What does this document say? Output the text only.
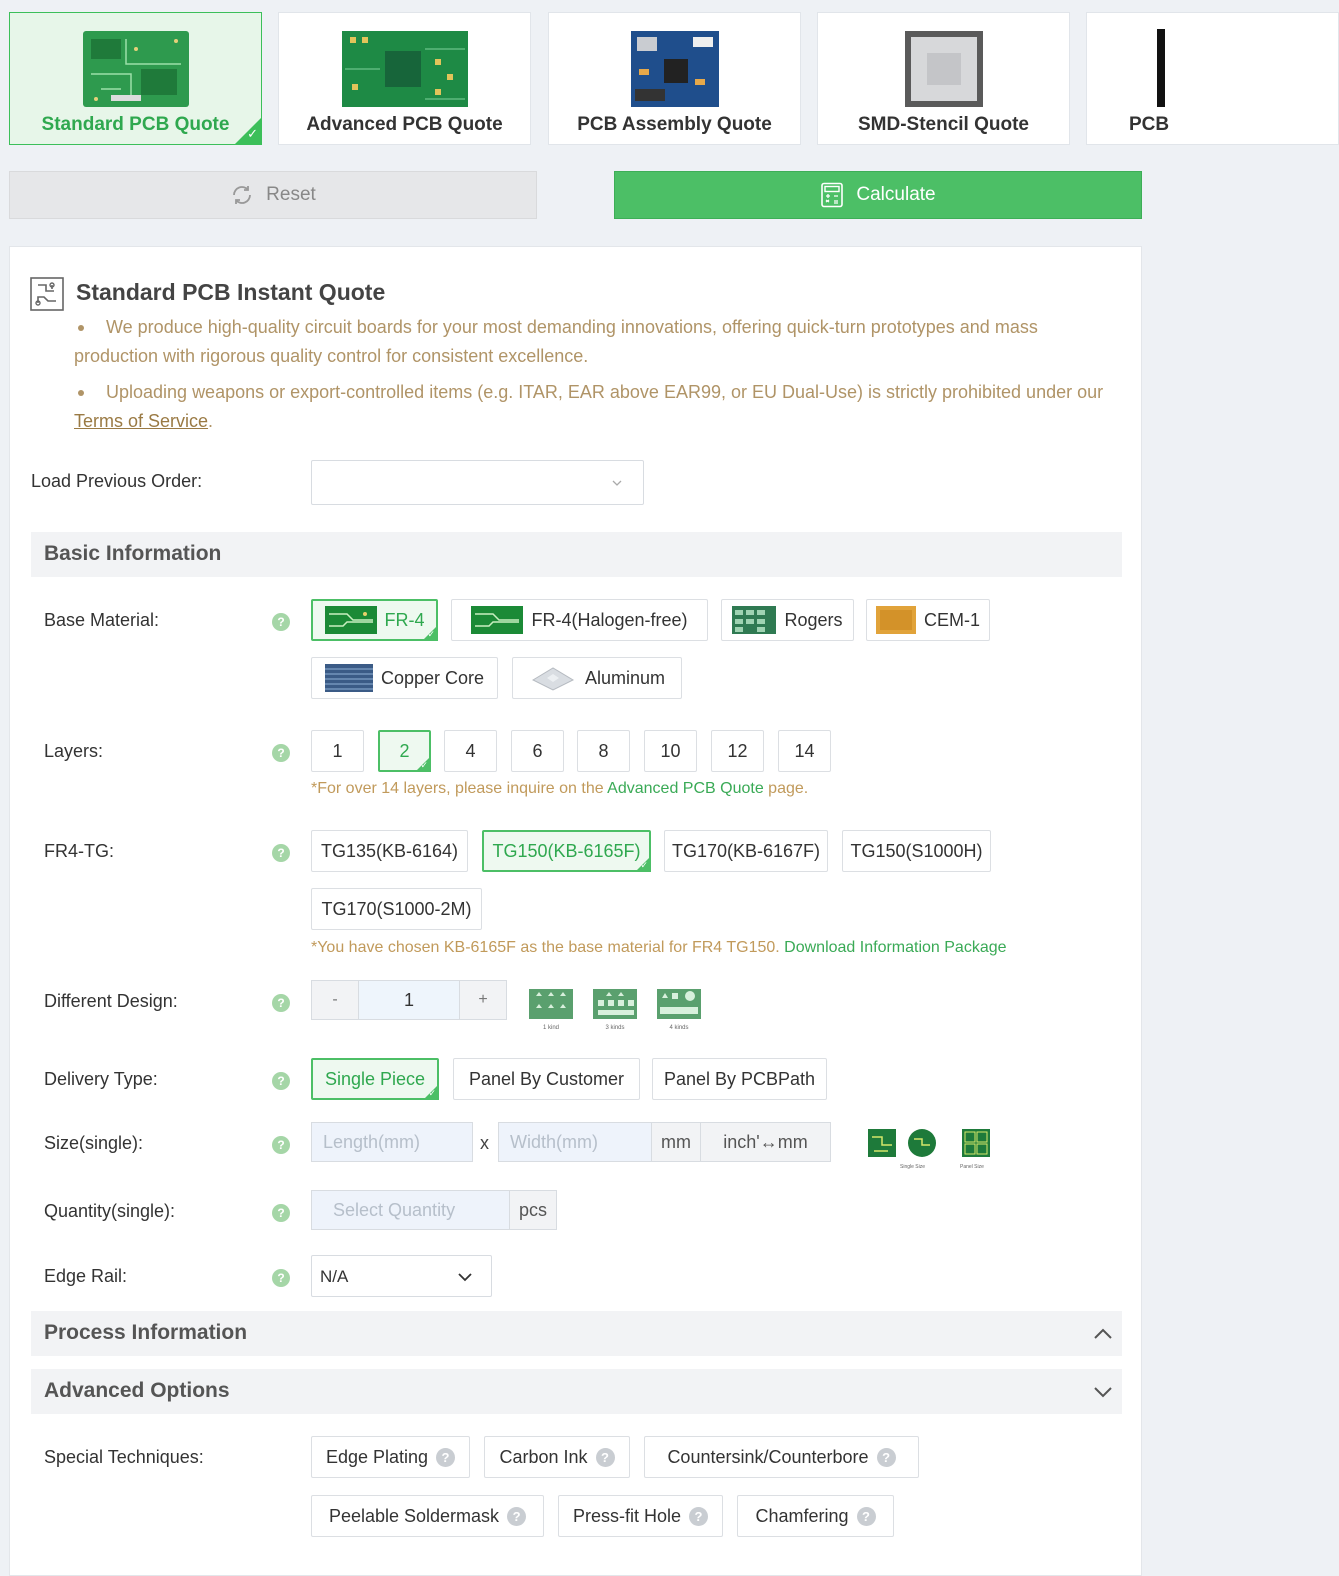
Standard PCB Quote	✓	Advanced PCB Quote	PCB Assembly Quote	SMD-Stencil Quote	PCB
Reset	Calculate
Standard PCB Instant Quote
We produce high-quality circuit boards for your most demanding innovations, offering quick-turn prototypes and mass production with rigorous quality control for consistent excellence.
Uploading weapons or export-controlled items (e.g. ITAR, EAR above EAR99, or EU Dual-Use) is strictly prohibited under our Terms of Service.
Load Previous Order:
Basic Information
Base Material:	?	FR-4
✓
FR-4(Halogen-free)	Rogers	CEM-1
Copper Core	Aluminum
Layers:	?	1	2
✓
4	6	8	10	12	14
*For over 14 layers, please inquire on the Advanced PCB Quote page.
FR4-TG:	? TG135(KB-6164) TG150(KB-6165F)
✓
TG170(KB-6167F) TG150(S1000H)
TG170(S1000-2M)
*You have chosen KB-6165F as the base material for FR4 TG150. Download Information Package
Different Design:	?	-	1	+
1 kind	3 kinds	4 kinds
Delivery Type:	? Single Piece
✓
Panel By Customer Panel By PCBPath
Size(single):	?	Length(mm)	x	Width(mm)	mm	inch'↔mm
Single Size	Panel Size
Quantity(single):	?	Select Quantity	pcs
Edge Rail:	?	N/A
Process Information
Advanced Options
Special Techniques:	Edge Plating	?	Carbon Ink	?	Countersink/Counterbore	?
Peelable Soldermask	?	Press-fit Hole	?	Chamfering	?
